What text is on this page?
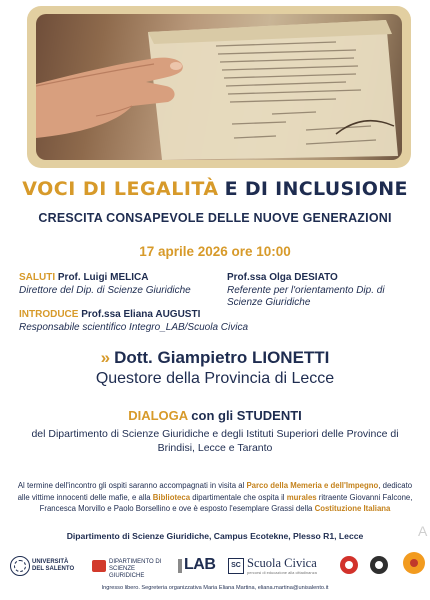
VOCI DI LEGALITÀ E DI INCLUSIONE
CRESCITA CONSAPEVOLE DELLE NUOVE GENERAZIONI
17 aprile 2026 ore 10:00
SALUTI Prof. Luigi MELICA
Direttore del Dip. di Scienze Giuridiche
Prof.ssa Olga DESIATO
Referente per l'orientamento Dip. di Scienze Giuridiche
INTRODUCE Prof.ssa Eliana AUGUSTI
Responsabile scientifico Integro_LAB/Scuola Civica
» Dott. Giampietro LIONETTI
Questore della Provincia di Lecce
DIALOGA con gli STUDENTI
del Dipartimento di Scienze Giuridiche e degli Istituti Superiori delle Province di Brindisi, Lecce e Taranto
Al termine dell'incontro gli ospiti saranno accompagnati in visita al Parco della Memeria e dell'Impegno, dedicato alle vittime innocenti delle mafie, e alla Biblioteca dipartimentale che ospita il murales ritraente Giovanni Falcone, Francesca Morvillo e Paolo Borsellino e ove è esposto l'esemplare Grassi della Costituzione Italiana
Dipartimento di Scienze Giuridiche, Campus Ecotekne, Plesso R1, Lecce	A
UNIVERSITÀ DEL SALENTO
DIPARTIMENTO DI SCIENZE GIURIDICHE
LAB	SC Scuola Civica
percorsi di educazione alla cittadinanza
Ingresso libero. Segreteria organizzativa Maria Eliana Martina, eliana.martina@unisalento.it
